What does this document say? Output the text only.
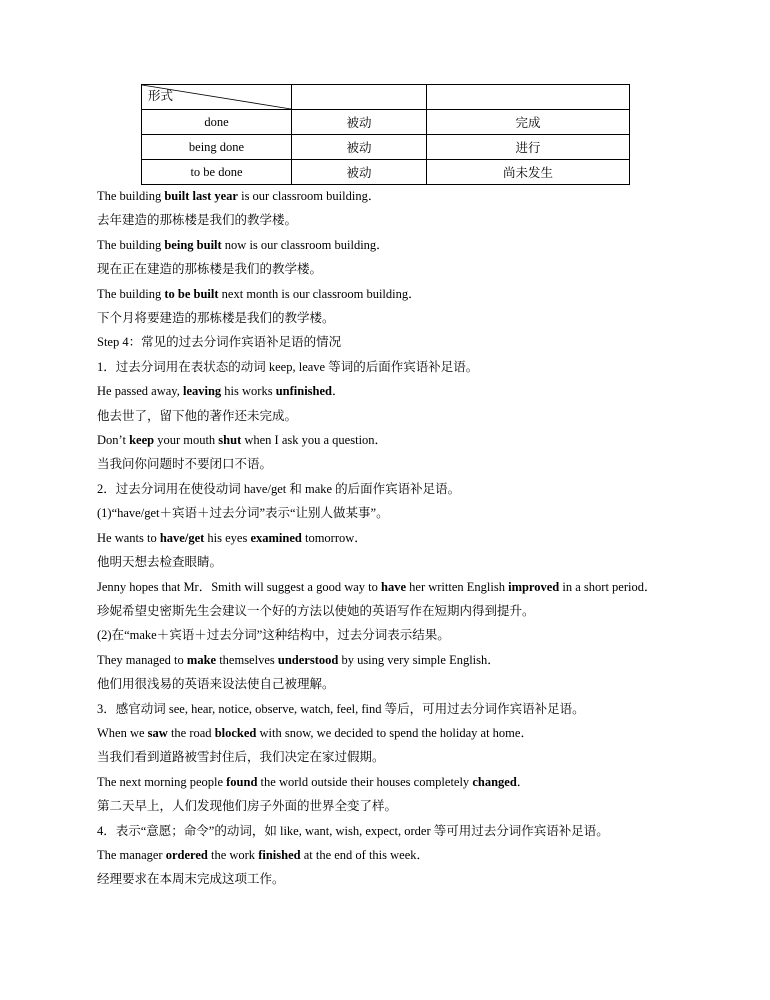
形式		

done	被动	完成
being done	被动	进行
to be done	被动	尚未发生

The building built last year is our classroom building．

去年建造的那栋楼是我们的教学楼。

The building being built now is our classroom building．

现在正在建造的那栋楼是我们的教学楼。

The building to be built next month is our classroom building．

下个月将要建造的那栋楼是我们的教学楼。

Step 4：常见的过去分词作宾语补足语的情况

1．过去分词用在表状态的动词 keep, leave 等词的后面作宾语补足语。

He passed away, leaving his works unfinished．

他去世了，留下他的著作还未完成。

Don’t keep your mouth shut when I ask you a question．

当我问你问题时不要闭口不语。

2．过去分词用在使役动词 have/get 和 make 的后面作宾语补足语。

(1)“have/get＋宾语＋过去分词”表示“让别人做某事”。

He wants to have/get his eyes examined tomorrow．

他明天想去检查眼睛。

Jenny hopes that Mr．Smith will suggest a good way to have her written English improved in a short period．

珍妮希望史密斯先生会建议一个好的方法以使她的英语写作在短期内得到提升。

(2)在“make＋宾语＋过去分词”这种结构中，过去分词表示结果。

They managed to make themselves understood by using very simple English．

他们用很浅易的英语来设法使自己被理解。

3．感官动词 see, hear, notice, observe, watch, feel, find 等后，可用过去分词作宾语补足语。

When we saw the road blocked with snow, we decided to spend the holiday at home．

当我们看到道路被雪封住后，我们决定在家过假期。

The next morning people found the world outside their houses completely changed．

第二天早上，人们发现他们房子外面的世界全变了样。

4．表示“意愿；命令”的动词，如 like, want, wish, expect, order 等可用过去分词作宾语补足语。

The manager ordered the work finished at the end of this week．

经理要求在本周末完成这项工作。
